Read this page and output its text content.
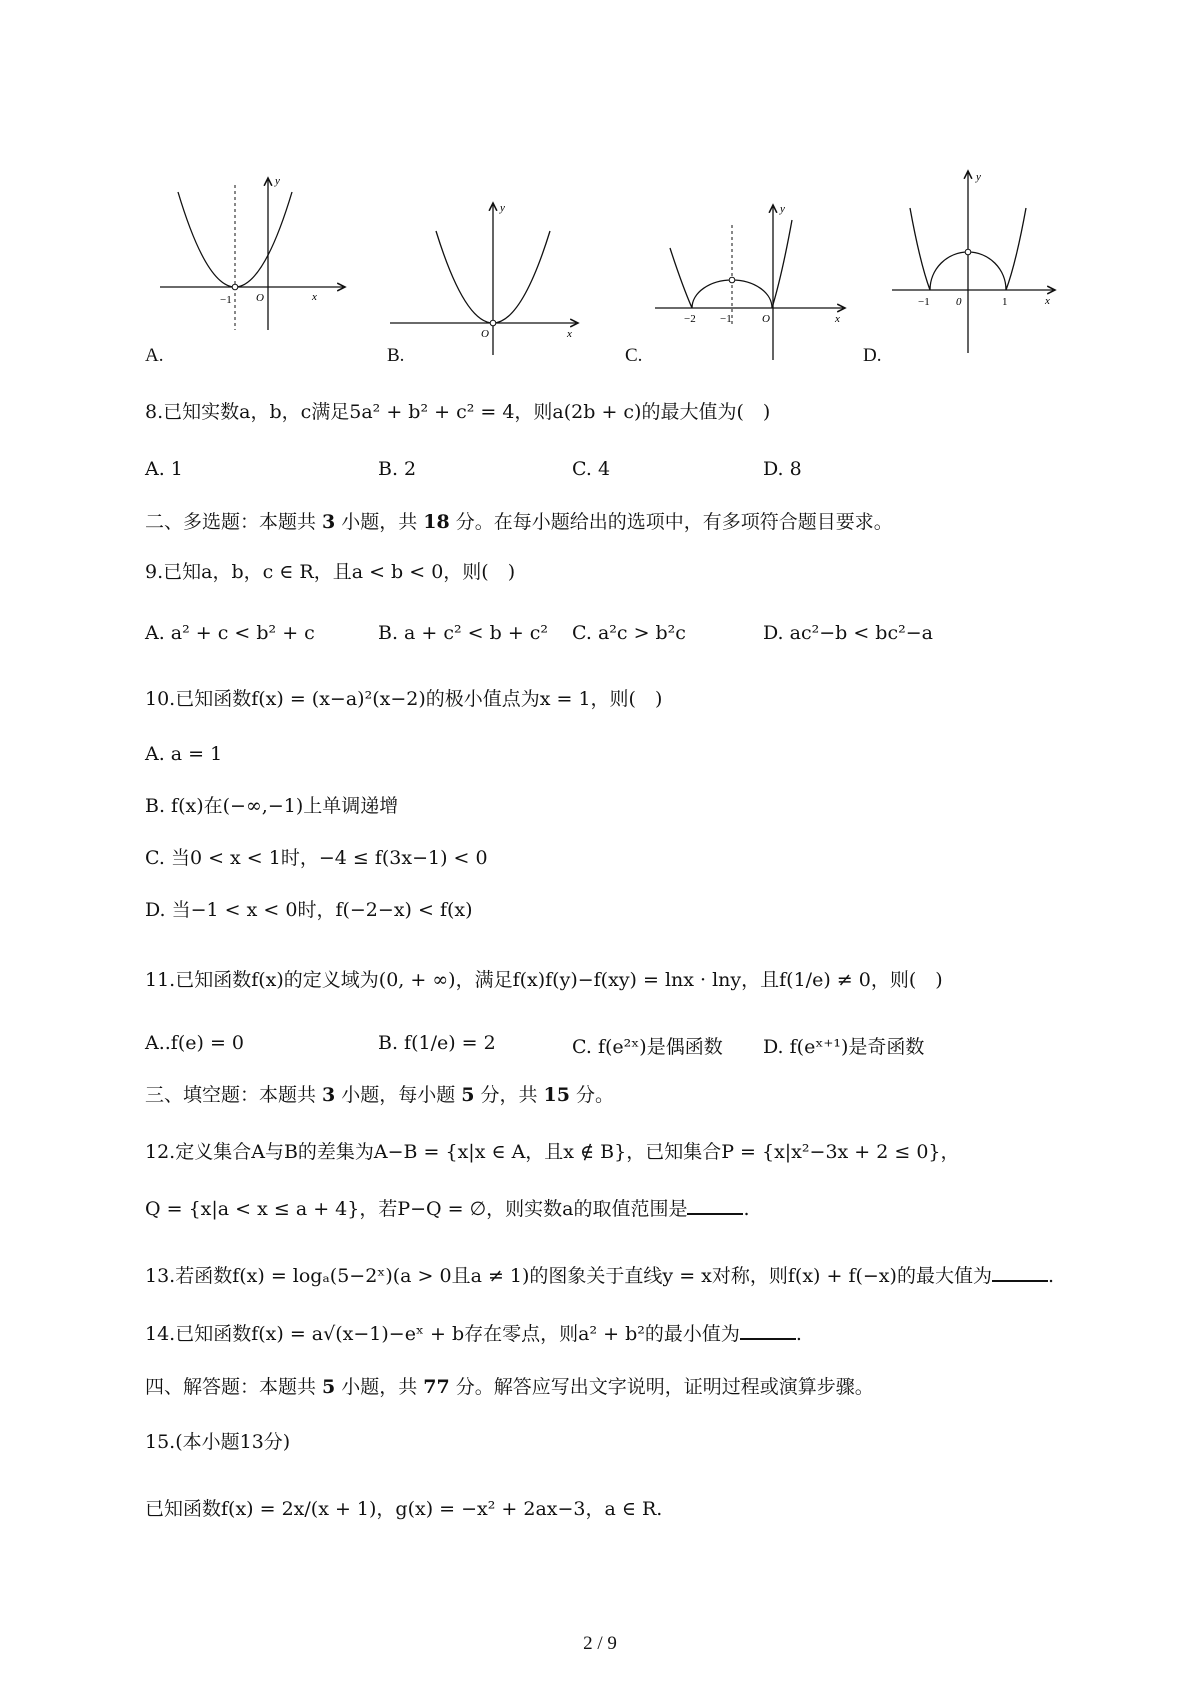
−1 O	x
y
A.
O	x
y
B.
−2 −1	O	x
y
C.
−1 0	1	x
y
D.
8.已知实数a，b，c满足5a² + b² + c² = 4，则a(2b + c)的最大值为(　)
A. 1	B. 2	C. 4	D. 8
二、多选题：本题共 3 小题，共 18 分。在每小题给出的选项中，有多项符合题目要求。
9.已知a，b，c ∈ R，且a < b < 0，则(　)
A. a² + c < b² + c	B. a + c² < b + c² C. a²c > b²c	D. ac²−b < bc²−a
10.已知函数f(x) = (x−a)²(x−2)的极小值点为x = 1，则(　)
A. a = 1
B. f(x)在(−∞,−1)上单调递增
C. 当0 < x < 1时，−4 ≤ f(3x−1) < 0
D. 当−1 < x < 0时，f(−2−x) < f(x)
11.已知函数f(x)的定义域为(0, + ∞)，满足f(x)f(y)−f(xy) = lnx · lny，且f(1/e) ≠ 0，则(　)
A..f(e) = 0	B. f(1/e) = 2	C. f(e²ˣ)是偶函数 D. f(eˣ⁺¹)是奇函数
三、填空题：本题共 3 小题，每小题 5 分，共 15 分。
12.定义集合A与B的差集为A−B = {x|x ∈ A，且x ∉ B}，已知集合P = {x|x²−3x + 2 ≤ 0}，
Q = {x|a < x ≤ a + 4}，若P−Q = ∅，则实数a的取值范围是	.
13.若函数f(x) = logₐ(5−2ˣ)(a > 0且a ≠ 1)的图象关于直线y = x对称，则f(x) + f(−x)的最大值为	.
14.已知函数f(x) = a√(x−1)−eˣ + b存在零点，则a² + b²的最小值为	.
四、解答题：本题共 5 小题，共 77 分。解答应写出文字说明，证明过程或演算步骤。
15.(本小题13分)
已知函数f(x) = 2x/(x + 1)，g(x) = −x² + 2ax−3，a ∈ R.
2 / 9
